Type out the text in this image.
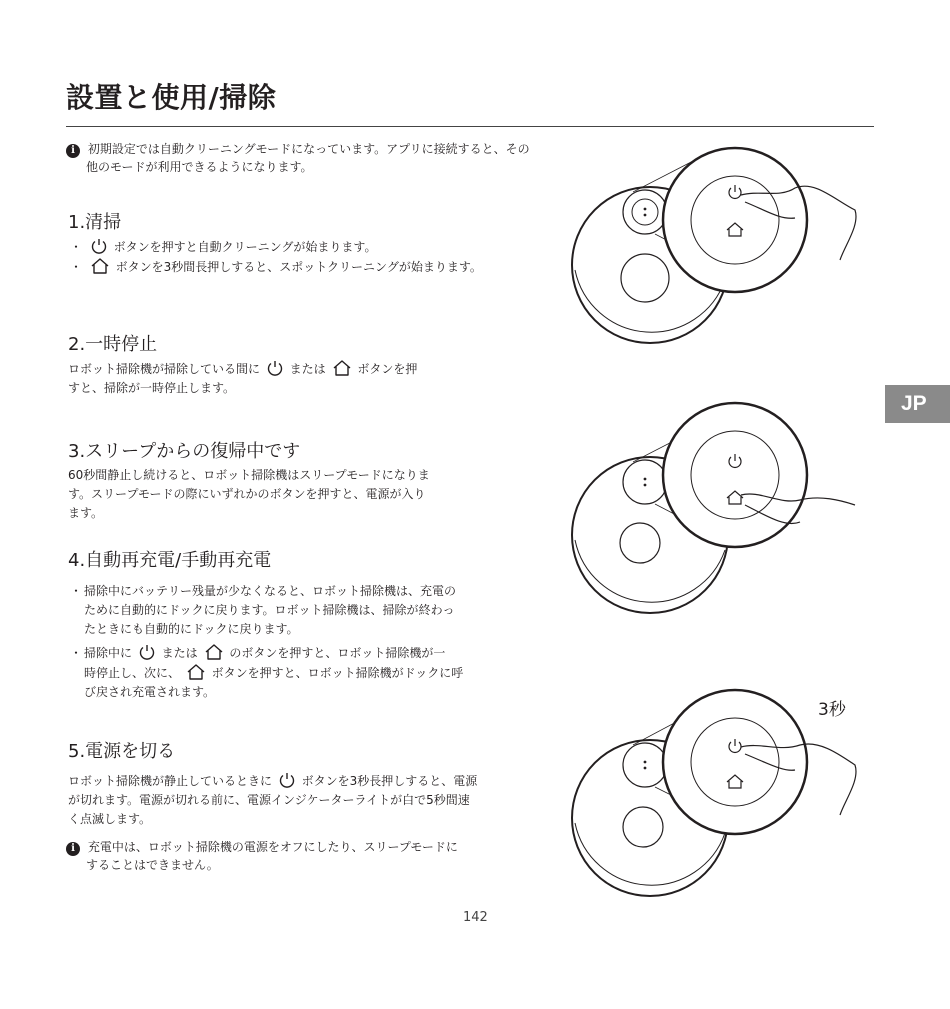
設置と使用/掃除
JP
i 初期設定では自動クリーニングモードになっています。アプリに接続すると、その
他のモードが利用できるようになります。
1.清掃
・	ボタンを押すと自動クリーニングが始まります。
・	ボタンを3秒間長押しすると、スポットクリーニングが始まります。
2.一時停止
ロボット掃除機が掃除している間に または	ボタンを押
すと、掃除が一時停止します。
3.スリープからの復帰中です
60秒間静止し続けると、ロボット掃除機はスリープモードになりま
す。スリープモードの際にいずれかのボタンを押すと、電源が入り
ます。
4.自動再充電/手動再充電
・ 掃除中にバッテリー残量が少なくなると、ロボット掃除機は、充電の
ために自動的にドックに戻ります。ロボット掃除機は、掃除が終わっ
たときにも自動的にドックに戻ります。
・ 掃除中に または	のボタンを押すと、ロボット掃除機が一
時停止し、次に、	ボタンを押すと、ロボット掃除機がドックに呼
び戻され充電されます。
5.電源を切る
ロボット掃除機が静止しているときに ボタンを3秒長押しすると、電源
が切れます。電源が切れる前に、電源インジケーターライトが白で5秒間速
く点滅します。
i 充電中は、ロボット掃除機の電源をオフにしたり、スリープモードに
することはできません。
3秒
142
